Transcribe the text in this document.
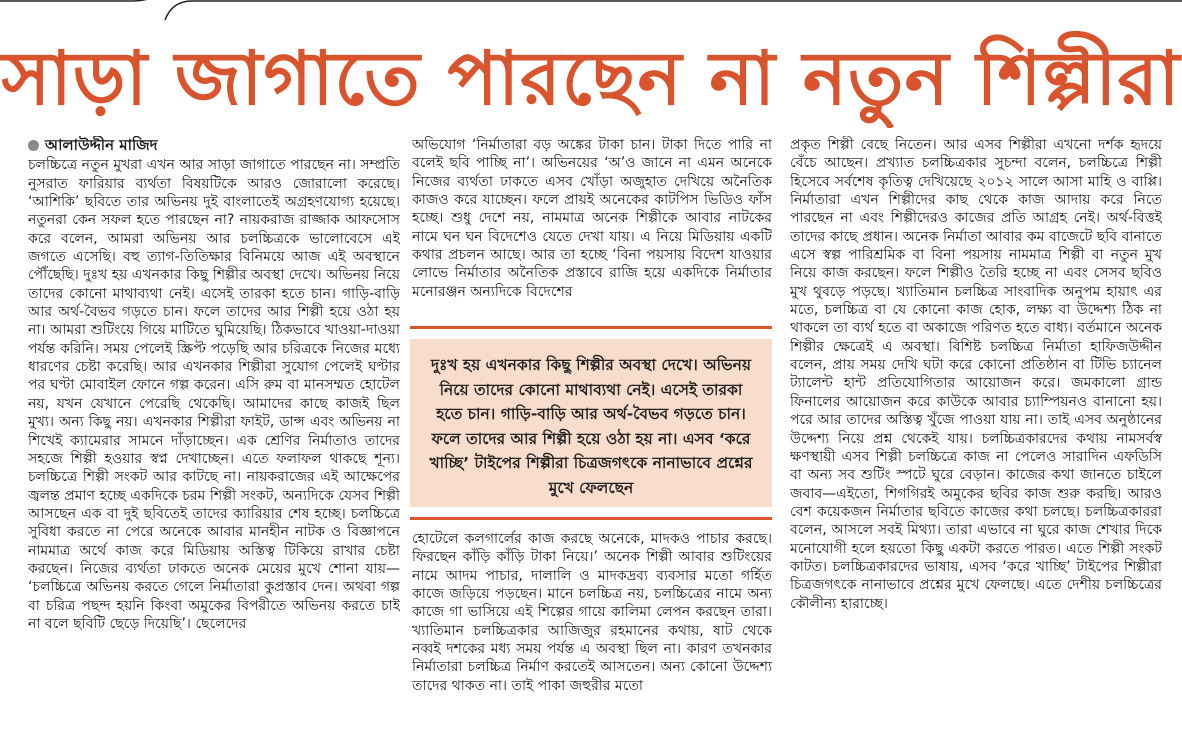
সাড়া জাগাতে পারছেন না নতুন শিল্পীরা
আলাউদ্দীন মাজিদ

চলচ্চিত্রে নতুন মুখরা এখন আর সাড়া জাগাতে পারছেন না। সম্প্রতি নুসরাত ফারিয়ার ব্যর্থতা বিষয়টিকে আরও জোরালো করেছে। ‘আশিকি’ ছবিতে তার অভিনয় দুই বাংলাতেই অগ্রহণযোগ্য হয়েছে। নতুনরা কেন সফল হতে পারছেন না? নায়করাজ রাজ্জাক আফসোস করে বলেন, আমরা অভিনয় আর চলচ্চিত্রকে ভালোবেসে এই জগতে এসেছি। বহু ত্যাগ-তিতিক্ষার বিনিময়ে আজ এই অবস্থানে পৌঁছেছি। দুঃখ হয় এখনকার কিছু শিল্পীর অবস্থা দেখে। অভিনয় নিয়ে তাদের কোনো মাথাব্যথা নেই। এসেই তারকা হতে চান। গাড়ি-বাড়ি আর অর্থ-বৈভব গড়তে চান। ফলে তাদের আর শিল্পী হয়ে ওঠা হয় না। আমরা শুটিংয়ে গিয়ে মাটিতে ঘুমিয়েছি। ঠিকভাবে খাওয়া-দাওয়া পর্যন্ত করিনি। সময় পেলেই স্ক্রিপ্ট পড়েছি আর চরিত্রকে নিজের মধ্যে ধারণের চেষ্টা করেছি। আর এখনকার শিল্পীরা সুযোগ পেলেই ঘণ্টার পর ঘণ্টা মোবাইল ফোনে গল্প করেন। এসি রুম বা মানসম্মত হোটেল নয়, যখন যেখানে পেরেছি থেকেছি। আমাদের কাছে কাজই ছিল মুখ্য। অন্য কিছু নয়। এখনকার শিল্পীরা ফাইট, ডান্স এবং অভিনয় না শিখেই ক্যামেরার সামনে দাঁড়াচ্ছেন। এক শ্রেণির নির্মাতাও তাদের সহজে শিল্পী হওয়ার স্বপ্ন দেখাচ্ছেন। এতে ফলাফল থাকছে শূন্য। চলচ্চিত্রে শিল্পী সংকট আর কাটছে না। নায়করাজের এই আক্ষেপের জ্বলন্ত প্রমাণ হচ্ছে একদিকে চরম শিল্পী সংকট, অন্যদিকে যেসব শিল্পী আসছেন এক বা দুই ছবিতেই তাদের ক্যারিয়ার শেষ হচ্ছে। চলচ্চিত্রে সুবিধা করতে না পেরে অনেকে আবার মানহীন নাটক ও বিজ্ঞাপনে নামমাত্র অর্থে কাজ করে মিডিয়ায় অস্তিত্ব টিকিয়ে রাখার চেষ্টা করছেন। নিজের ব্যর্থতা ঢাকতে অনেক মেয়ের মুখে শোনা যায়— ‘চলচ্চিত্রে অভিনয় করতে গেলে নির্মাতারা কুপ্রস্তাব দেন। অথবা গল্প বা চরিত্র পছন্দ হয়নি কিংবা অমুকের বিপরীতে অভিনয় করতে চাই না বলে ছবিটি ছেড়ে দিয়েছি’। ছেলেদের

অভিযোগ ‘নির্মাতারা বড় অঙ্কের টাকা চান। টাকা দিতে পারি না বলেই ছবি পাচ্ছি না’। অভিনয়ের ‘অ’ও জানে না এমন অনেকে নিজের ব্যর্থতা ঢাকতে এসব খোঁড়া অজুহাত দেখিয়ে অনৈতিক কাজও করে যাচ্ছেন। ফলে প্রায়ই অনেকের কাটপিস ভিডিও ফাঁস হচ্ছে। শুধু দেশে নয়, নামমাত্র অনেক শিল্পীকে আবার নাটকের নামে ঘন ঘন বিদেশেও যেতে দেখা যায়। এ নিয়ে মিডিয়ায় একটি কথার প্রচলন আছে। আর তা হচ্ছে ‘বিনা পয়সায় বিদেশ যাওয়ার লোভে নির্মাতার অনৈতিক প্রস্তাবে রাজি হয়ে একদিকে নির্মাতার মনোরঞ্জন অন্যদিকে বিদেশের

দুঃখ হয় এখনকার কিছু শিল্পীর অবস্থা দেখে। অভিনয় নিয়ে তাদের কোনো মাথাব্যথা নেই। এসেই তারকা হতে চান। গাড়ি-বাড়ি আর অর্থ-বৈভব গড়তে চান। ফলে তাদের আর শিল্পী হয়ে ওঠা হয় না। এসব ‘করে খাচ্ছি’ টাইপের শিল্পীরা চিত্রজগৎকে নানাভাবে প্রশ্নের মুখে ফেলছেন

হোটেলে কলগার্লের কাজ করছে অনেকে, মাদকও পাচার করছে। ফিরছেন কাঁড়ি কাঁড়ি টাকা নিয়ে।’ অনেক শিল্পী আবার শুটিংয়ের নামে আদম পাচার, দালালি ও মাদকদ্রব্য ব্যবসার মতো গর্হিত কাজে জড়িয়ে পড়ছেন। মানে চলচ্চিত্র নয়, চলচ্চিত্রের নামে অন্য কাজে গা ভাসিয়ে এই শিল্পের গায়ে কালিমা লেপন করছেন তারা। খ্যাতিমান চলচ্চিত্রকার আজিজুর রহমানের কথায়, ষাট থেকে নব্বই দশকের মধ্য সময় পর্যন্ত এ অবস্থা ছিল না। কারণ তখনকার নির্মাতারা চলচ্চিত্র নির্মাণ করতেই আসতেন। অন্য কোনো উদ্দেশ্য তাদের থাকত না। তাই পাকা জহুরীর মতো

প্রকৃত শিল্পী বেছে নিতেন। আর এসব শিল্পীরা এখনো দর্শক হৃদয়ে বেঁচে আছেন। প্রখ্যাত চলচ্চিত্রকার সুচন্দা বলেন, চলচ্চিত্রে শিল্পী হিসেবে সর্বশেষ কৃতিত্ব দেখিয়েছে ২০১২ সালে আসা মাহি ও বাপ্পি। নির্মাতারা এখন শিল্পীদের কাছ থেকে কাজ আদায় করে নিতে পারছেন না এবং শিল্পীদেরও কাজের প্রতি আগ্রহ নেই। অর্থ-বিত্তই তাদের কাছে প্রধান। অনেক নির্মাতা আবার কম বাজেটে ছবি বানাতে এসে স্বল্প পারিশ্রমিক বা বিনা পয়সায় নামমাত্র শিল্পী বা নতুন মুখ নিয়ে কাজ করছেন। ফলে শিল্পীও তৈরি হচ্ছে না এবং সেসব ছবিও মুখ থুবড়ে পড়ছে। খ্যাতিমান চলচ্চিত্র সাংবাদিক অনুপম হায়াৎ এর মতে, চলচ্চিত্র বা যে কোনো কাজ হোক, লক্ষ্য বা উদ্দেশ্য ঠিক না থাকলে তা ব্যর্থ হতে বা অকাজে পরিণত হতে বাধ্য। বর্তমানে অনেক শিল্পীর ক্ষেত্রেই এ অবস্থা। বিশিষ্ট চলচ্চিত্র নির্মাতা হাফিজউদ্দীন বলেন, প্রায় সময় দেখি ঘটা করে কোনো প্রতিষ্ঠান বা টিভি চ্যানেল ট্যালেন্ট হান্ট প্রতিযোগিতার আয়োজন করে। জমকালো গ্রান্ড ফিনালের আয়োজন করে কাউকে আবার চ্যাম্পিয়নও বানানো হয়। পরে আর তাদের অস্তিত্ব খুঁজে পাওয়া যায় না। তাই এসব অনুষ্ঠানের উদ্দেশ্য নিয়ে প্রশ্ন থেকেই যায়। চলচ্চিত্রকারদের কথায় নামসর্বস্ব ক্ষণস্থায়ী এসব শিল্পী চলচ্চিত্রে কাজ না পেলেও সারাদিন এফডিসি বা অন্য সব শুটিং স্পটে ঘুরে বেড়ান। কাজের কথা জানতে চাইলে জবাব—এইতো, শিগগিরই অমুকের ছবির কাজ শুরু করছি। আরও বেশ কয়েকজন নির্মাতার ছবিতে কাজের কথা চলছে। চলচ্চিত্রকাররা বলেন, আসলে সবই মিথ্যা। তারা এভাবে না ঘুরে কাজ শেখার দিকে মনোযোগী হলে হয়তো কিছু একটা করতে পারত। এতে শিল্পী সংকট কাটত। চলচ্চিত্রকারদের ভাষায়, এসব ‘করে খাচ্ছি’ টাইপের শিল্পীরা চিত্রজগৎকে নানাভাবে প্রশ্নের মুখে ফেলছে। এতে দেশীয় চলচ্চিত্রের কৌলীন্য হারাচ্ছে।
